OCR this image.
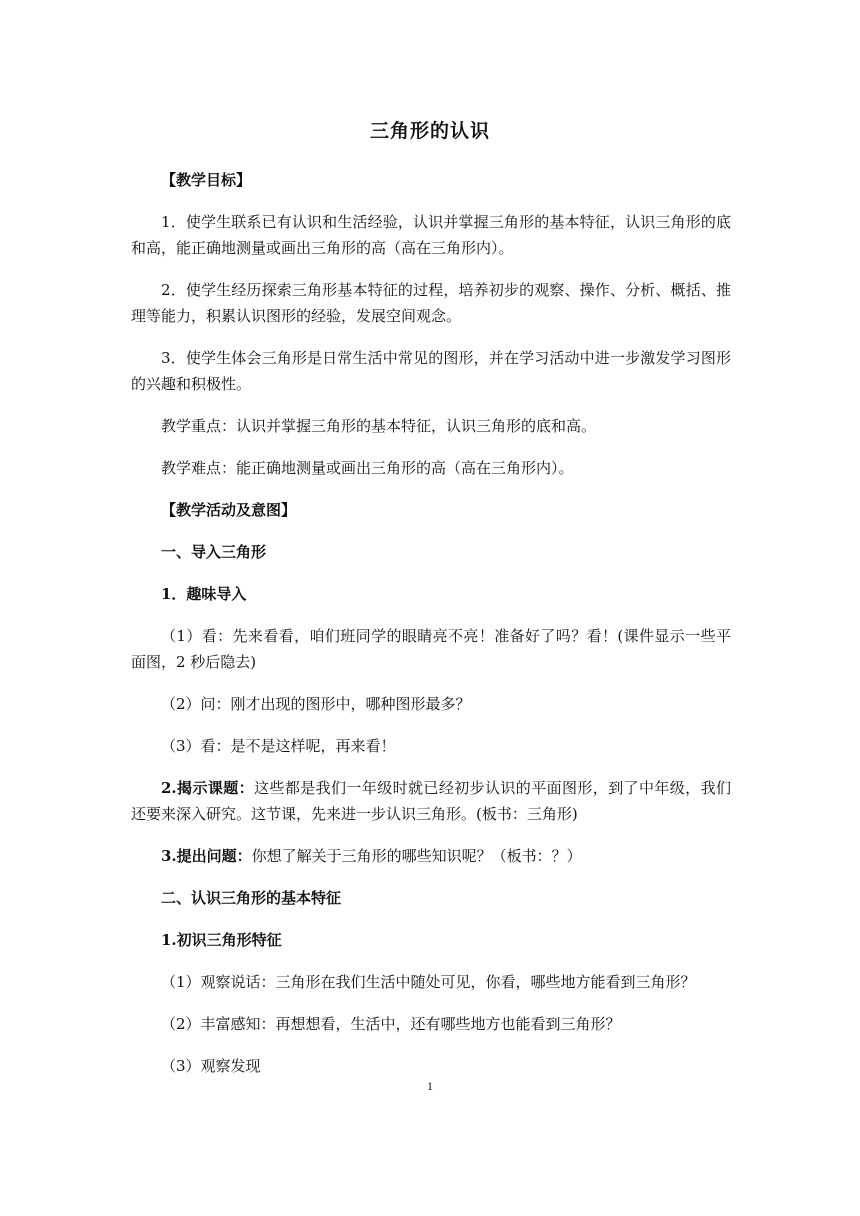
三角形的认识

【教学目标】

1．使学生联系已有认识和生活经验，认识并掌握三角形的基本特征，认识三角形的底和高，能正确地测量或画出三角形的高（高在三角形内）。

2．使学生经历探索三角形基本特征的过程，培养初步的观察、操作、分析、概括、推理等能力，积累认识图形的经验，发展空间观念。

3．使学生体会三角形是日常生活中常见的图形，并在学习活动中进一步激发学习图形的兴趣和积极性。

教学重点：认识并掌握三角形的基本特征，认识三角形的底和高。

教学难点：能正确地测量或画出三角形的高（高在三角形内）。

【教学活动及意图】

一、导入三角形

1．趣味导入

（1）看：先来看看，咱们班同学的眼睛亮不亮！准备好了吗？看！(课件显示一些平面图，2 秒后隐去)

（2）问：刚才出现的图形中，哪种图形最多？

（3）看：是不是这样呢，再来看！

2.揭示课题：这些都是我们一年级时就已经初步认识的平面图形，到了中年级，我们还要来深入研究。这节课，先来进一步认识三角形。(板书：三角形)

3.提出问题：你想了解关于三角形的哪些知识呢？（板书：？）

二、认识三角形的基本特征

1.初识三角形特征

（1）观察说话：三角形在我们生活中随处可见，你看，哪些地方能看到三角形？

（2）丰富感知：再想想看，生活中，还有哪些地方也能看到三角形？

（3）观察发现

1
